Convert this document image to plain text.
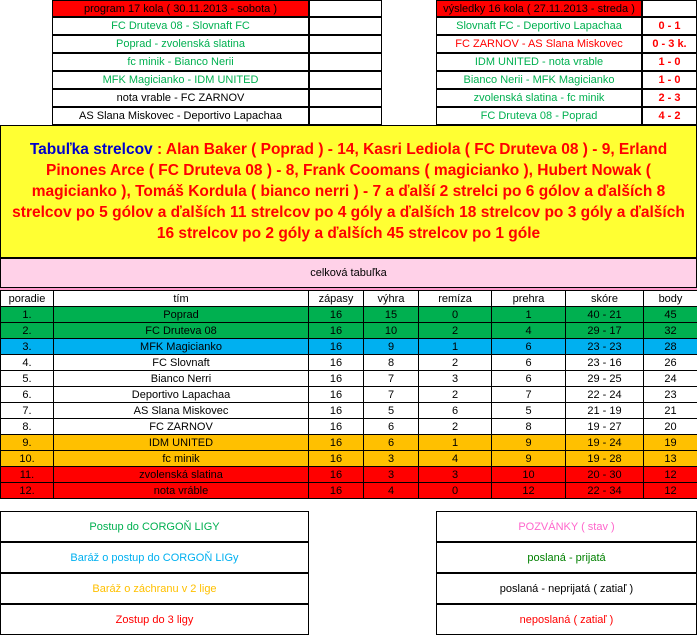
program 17 kola ( 30.11.2013 - sobota )
FC Druteva 08 - Slovnaft FC
Poprad - zvolenská slatina
fc minik - Bianco Nerii
MFK Magicianko - IDM UNITED
nota vrable - FC ZARNOV
AS Slana Miskovec - Deportivo Lapachaa
výsledky 16 kola ( 27.11.2013 - streda )
Slovnaft FC - Deportivo Lapachaa	0 - 1
FC ZARNOV - AS Slana Miskovec	0 - 3 k.
IDM UNITED - nota vrable	1 - 0
Bianco Nerii - MFK Magicianko	1 - 0
zvolenská slatina - fc minik	2 - 3
FC Druteva 08 - Poprad	4 - 2
Tabuľka strelcov : Alan Baker ( Poprad ) - 14, Kasri Lediola ( FC Druteva 08 ) - 9, Erland Pinones Arce ( FC Druteva 08 ) - 8, Frank Coomans ( magicianko ), Hubert Nowak ( magicianko ), Tomáš Kordula ( bianco nerri ) - 7 a ďalší 2 strelci po 6 gólov a ďalších 8 strelcov po 5 gólov a ďalších 11 strelcov po 4 góly a ďalších 18 strelcov po 3 góly a ďalších 16 strelcov po 2 góly a ďalších 45 strelcov po 1 góle
celková tabuľka
poradie	tím	zápasy	výhra	remíza	prehra	skóre	body
1.	Poprad	16	15	0	1	40 - 21	45
2.	FC Druteva 08	16	10	2	4	29 - 17	32
3.	MFK Magicianko	16	9	1	6	23 - 23	28
4.	FC Slovnaft	16	8	2	6	23 - 16	26
5.	Bianco Nerri	16	7	3	6	29 - 25	24
6.	Deportivo Lapachaa	16	7	2	7	22 - 24	23
7.	AS Slana Miskovec	16	5	6	5	21 - 19	21
8.	FC ZARNOV	16	6	2	8	19 - 27	20
9.	IDM UNITED	16	6	1	9	19 - 24	19
10.	fc minik	16	3	4	9	19 - 28	13
11.	zvolenská slatina	16	3	3	10	20 - 30	12
12.	nota vráble	16	4	0	12	22 - 34	12
Postup do CORGOŇ LIGY
Baráž o postup do CORGOŇ LIGy
Baráž o záchranu v 2 lige
Zostup do 3 ligy
POZVÁNKY ( stav )
poslaná - prijatá
poslaná - neprijatá ( zatiaľ )
neposlaná ( zatiaľ )
